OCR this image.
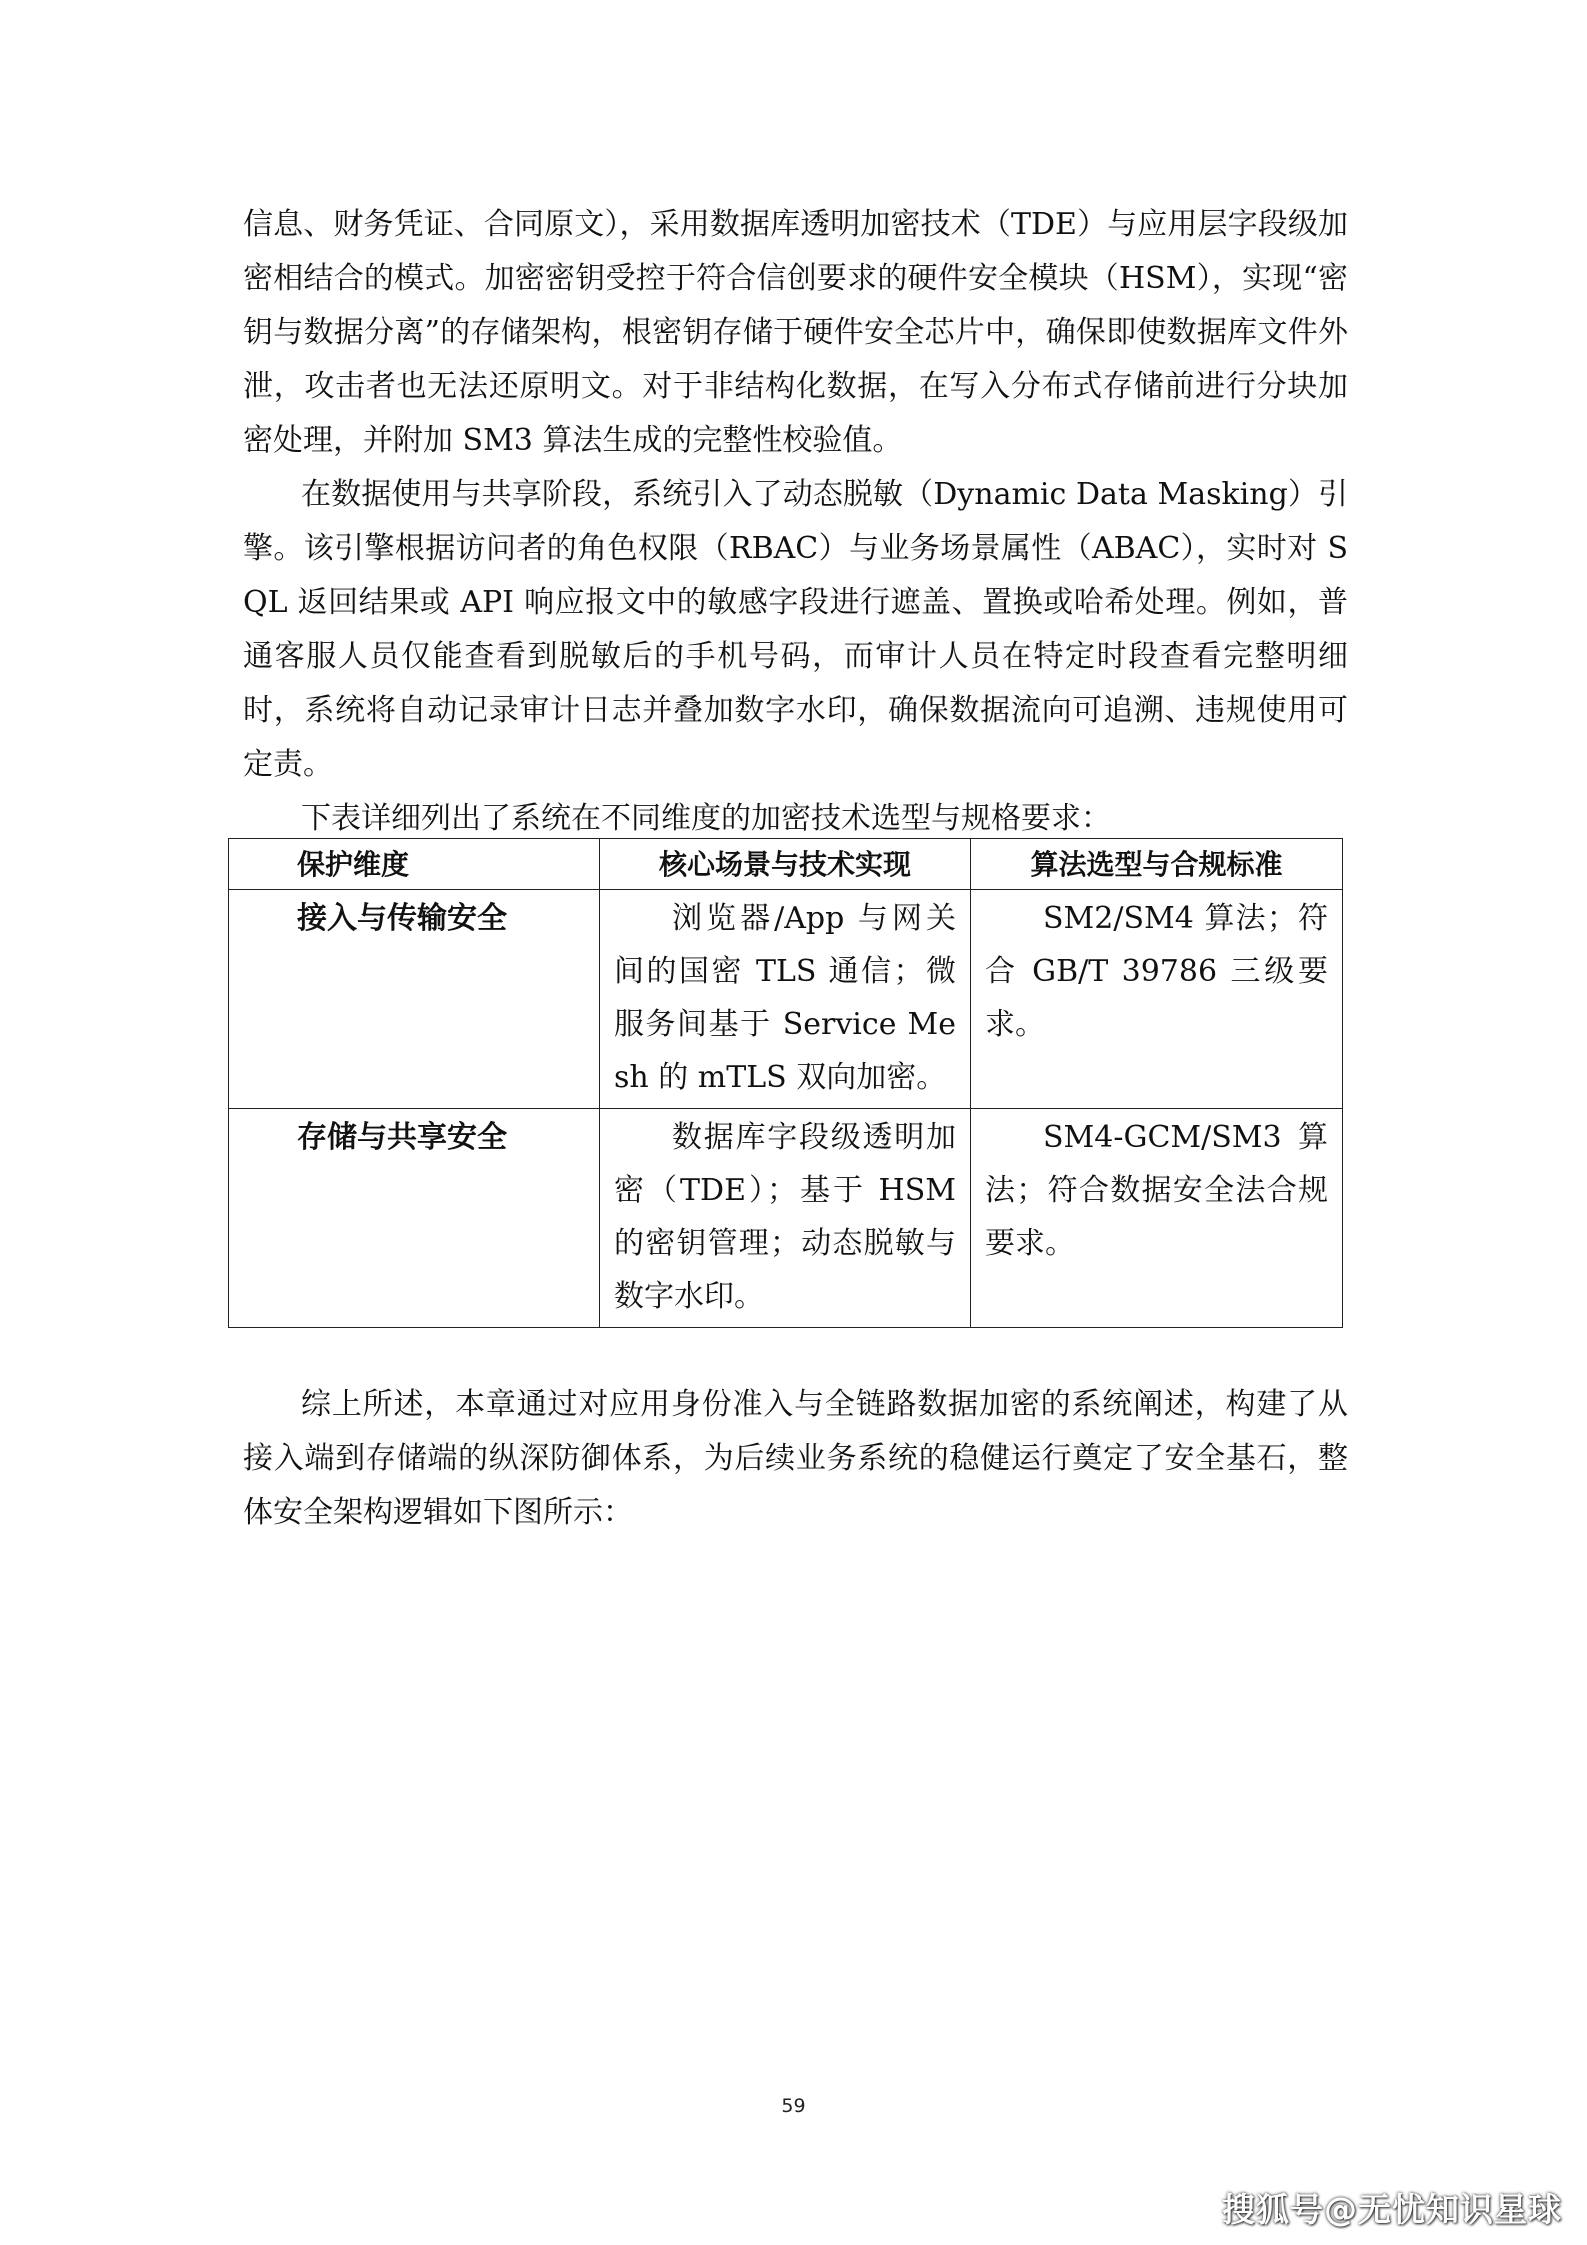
信息、财务凭证、合同原文），采用数据库透明加密技术（TDE）与应用层字段级加密相结合的模式。加密密钥受控于符合信创要求的硬件安全模块（HSM），实现“密钥与数据分离”的存储架构，根密钥存储于硬件安全芯片中，确保即使数据库文件外泄，攻击者也无法还原明文。对于非结构化数据，在写入分布式存储前进行分块加密处理，并附加 SM3 算法生成的完整性校验值。

在数据使用与共享阶段，系统引入了动态脱敏（Dynamic Data Masking）引擎。该引擎根据访问者的角色权限（RBAC）与业务场景属性（ABAC），实时对 SQL 返回结果或 API 响应报文中的敏感字段进行遮盖、置换或哈希处理。例如，普通客服人员仅能查看到脱敏后的手机号码，而审计人员在特定时段查看完整明细时，系统将自动记录审计日志并叠加数字水印，确保数据流向可追溯、违规使用可定责。

下表详细列出了系统在不同维度的加密技术选型与规格要求：

保护维度	核心场景与技术实现	算法选型与合规标准
接入与传输安全	浏览器/App 与网关间的国密 TLS 通信；微服务间基于 Service Mesh 的 mTLS 双向加密。	SM2/SM4 算法；符合 GB/T 39786 三级要求。
存储与共享安全	数据库字段级透明加密（TDE）；基于 HSM 的密钥管理；动态脱敏与数字水印。	SM4-GCM/SM3 算法；符合数据安全法合规要求。

综上所述，本章通过对应用身份准入与全链路数据加密的系统阐述，构建了从接入端到存储端的纵深防御体系，为后续业务系统的稳健运行奠定了安全基石，整体安全架构逻辑如下图所示：

59
搜狐号@无忧知识星球
